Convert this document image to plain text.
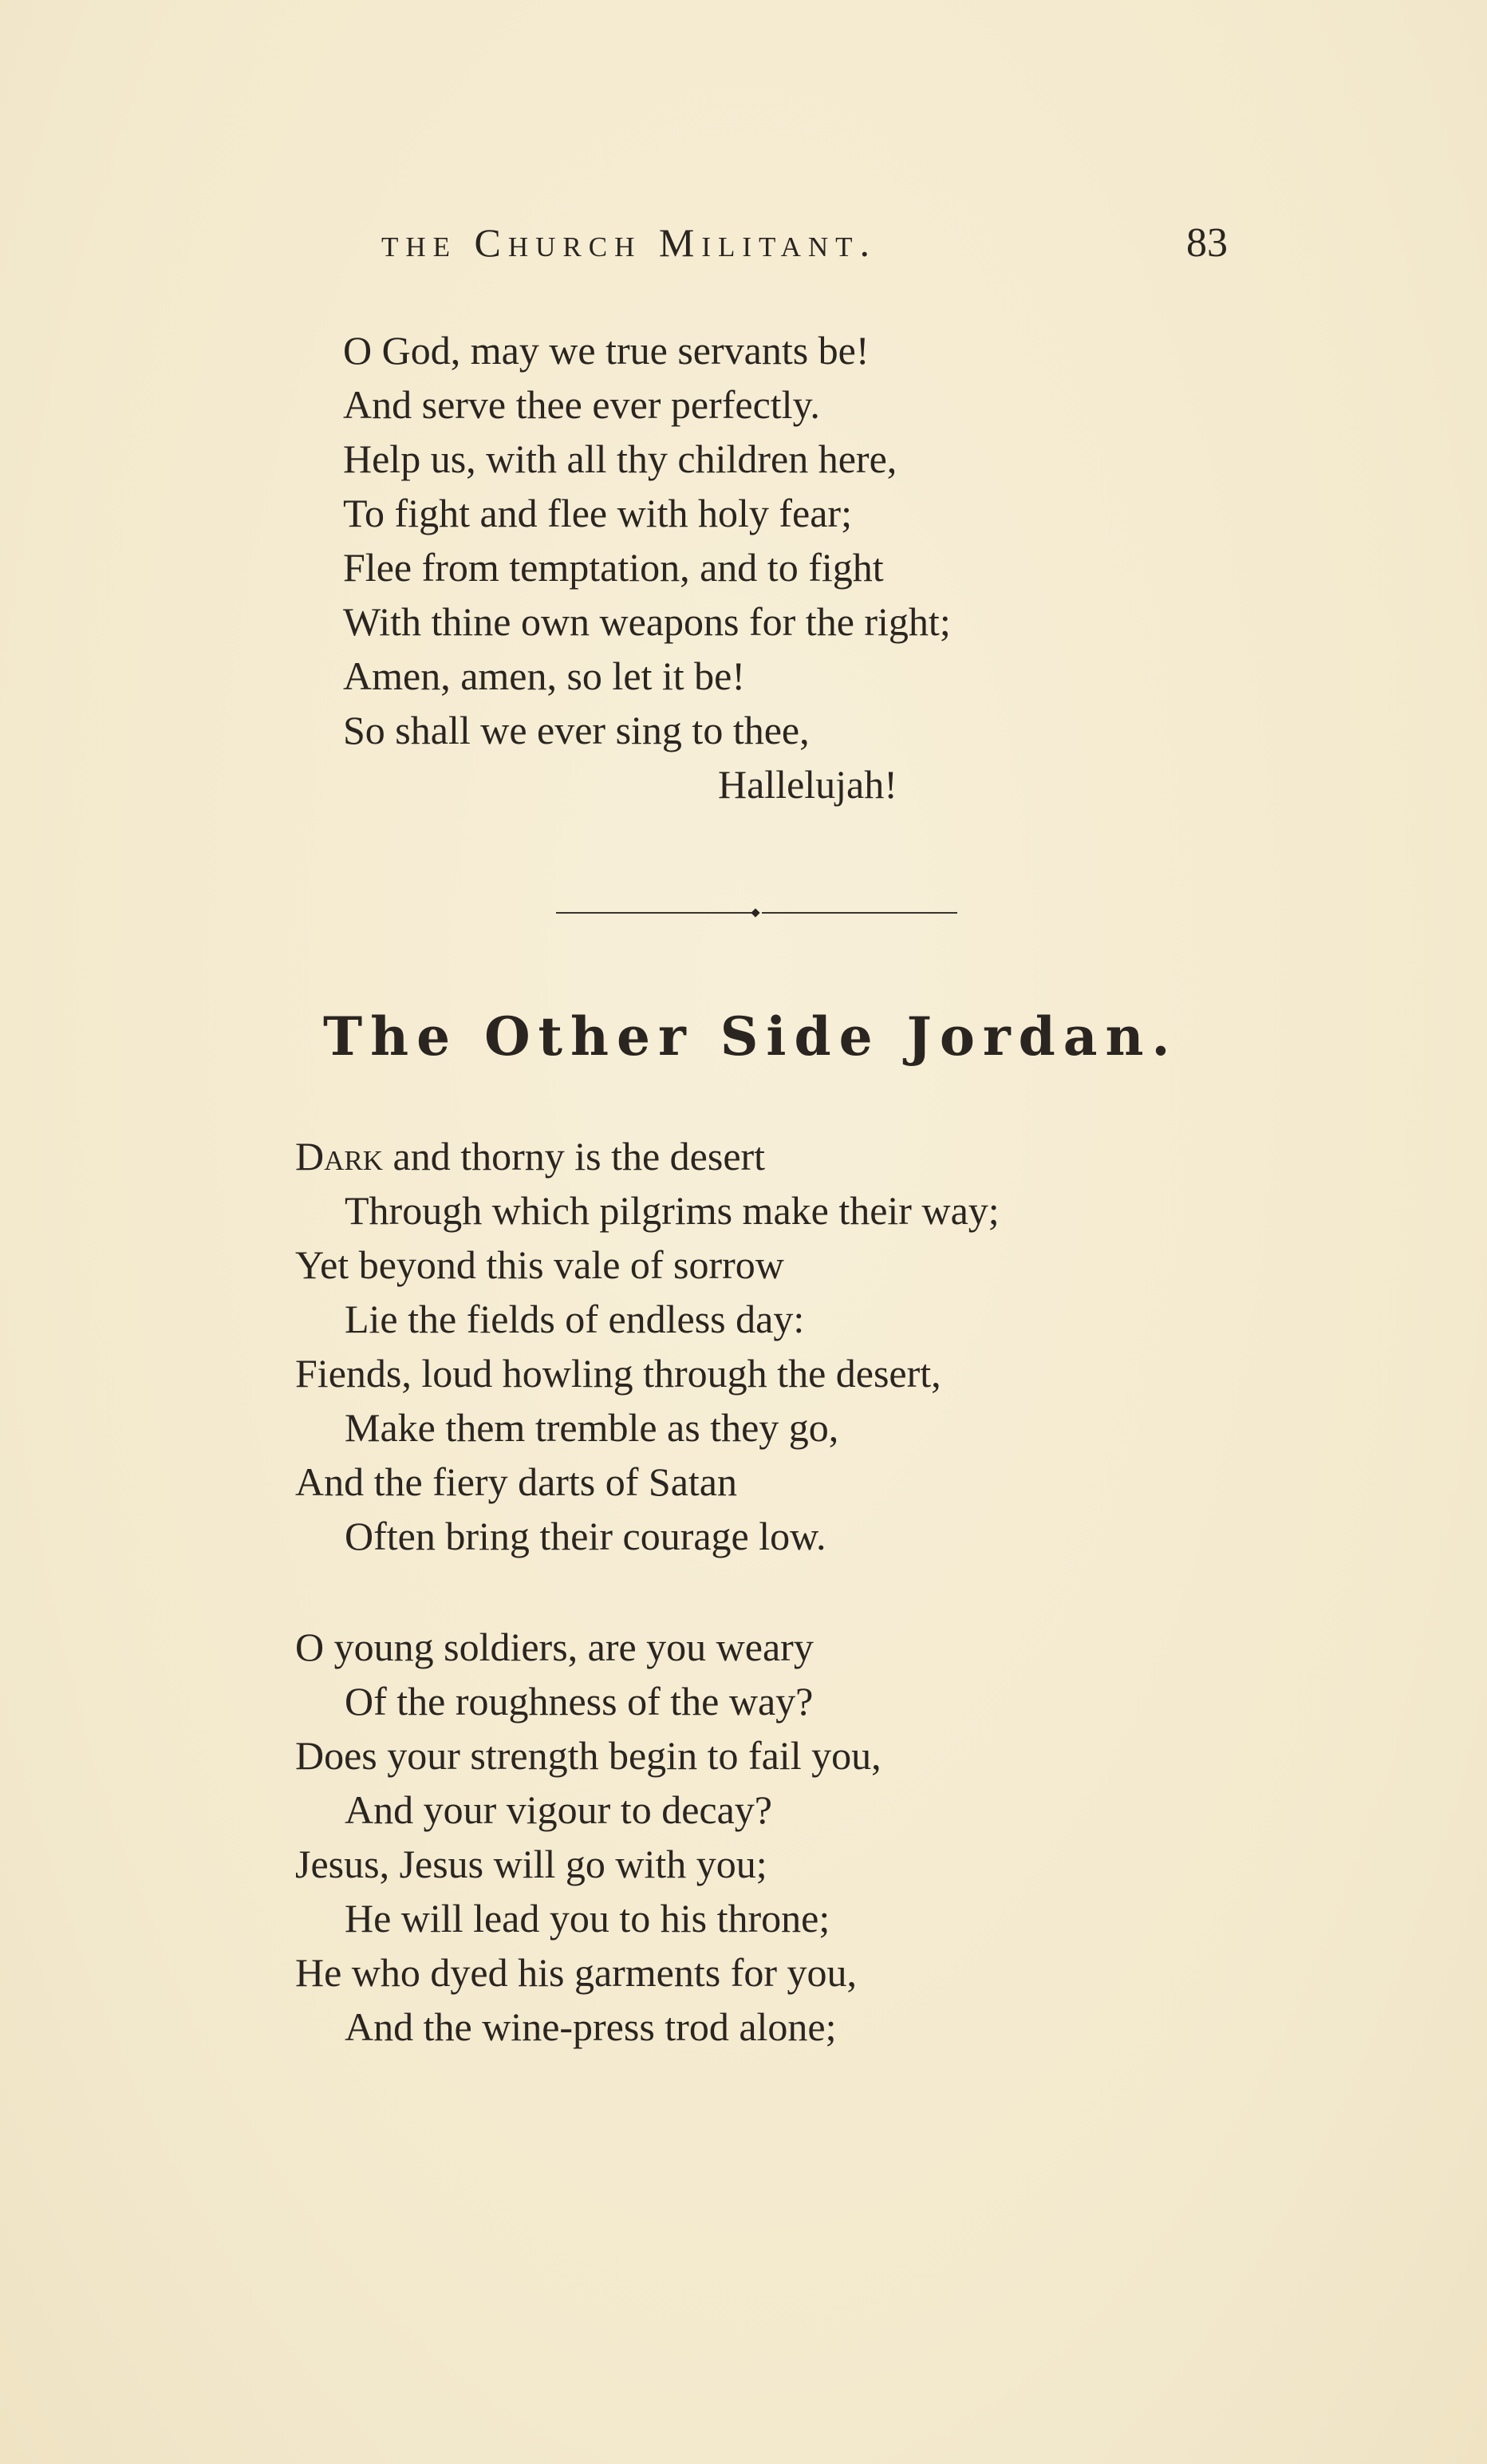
the Church Militant.	83
O God, may we true servants be!
And serve thee ever perfectly.
Help us, with all thy children here,
To fight and flee with holy fear;
Flee from temptation, and to fight
With thine own weapons for the right;
Amen, amen, so let it be!
So shall we ever sing to thee,
Hallelujah!
The Other Side Jordan.
Dark and thorny is the desert
Through which pilgrims make their way;
Yet beyond this vale of sorrow
Lie the fields of endless day:
Fiends, loud howling through the desert,
Make them tremble as they go,
And the fiery darts of Satan
Often bring their courage low.
O young soldiers, are you weary
Of the roughness of the way?
Does your strength begin to fail you,
And your vigour to decay?
Jesus, Jesus will go with you;
He will lead you to his throne;
He who dyed his garments for you,
And the wine-press trod alone;
